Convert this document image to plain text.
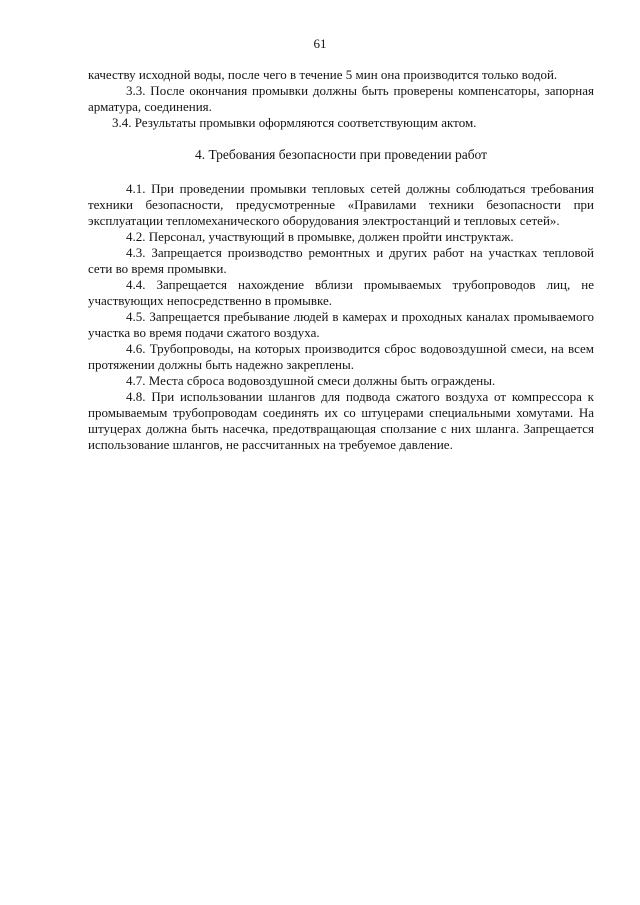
61

качеству исходной воды, после чего в течение 5 мин она производится только водой.

3.3. После окончания промывки должны быть проверены компенсаторы, запорная арматура, соединения.

3.4. Результаты промывки оформляются соответствующим актом.

4. Требования безопасности при проведении работ

4.1. При проведении промывки тепловых сетей должны соблюдаться требования техники безопасности, предусмотренные «Правилами техники безопасности при эксплуатации тепломеханического оборудования электростанций и тепловых сетей».

4.2. Персонал, участвующий в промывке, должен пройти инструктаж.

4.3. Запрещается производство ремонтных и других работ на участках тепловой сети во время промывки.

4.4. Запрещается нахождение вблизи промываемых трубопроводов лиц, не участвующих непосредственно в промывке.

4.5. Запрещается пребывание людей в камерах и проходных каналах промываемого участка во время подачи сжатого воздуха.

4.6. Трубопроводы, на которых производится сброс водовоздушной смеси, на всем протяжении должны быть надежно закреплены.

4.7. Места сброса водовоздушной смеси должны быть ограждены.

4.8. При использовании шлангов для подвода сжатого воздуха от компрессора к промываемым трубопроводам соединять их со штуцерами специальными хомутами. На штуцерах должна быть насечка, предотвращающая сползание с них шланга. Запрещается использование шлангов, не рассчитанных на требуемое давление.
